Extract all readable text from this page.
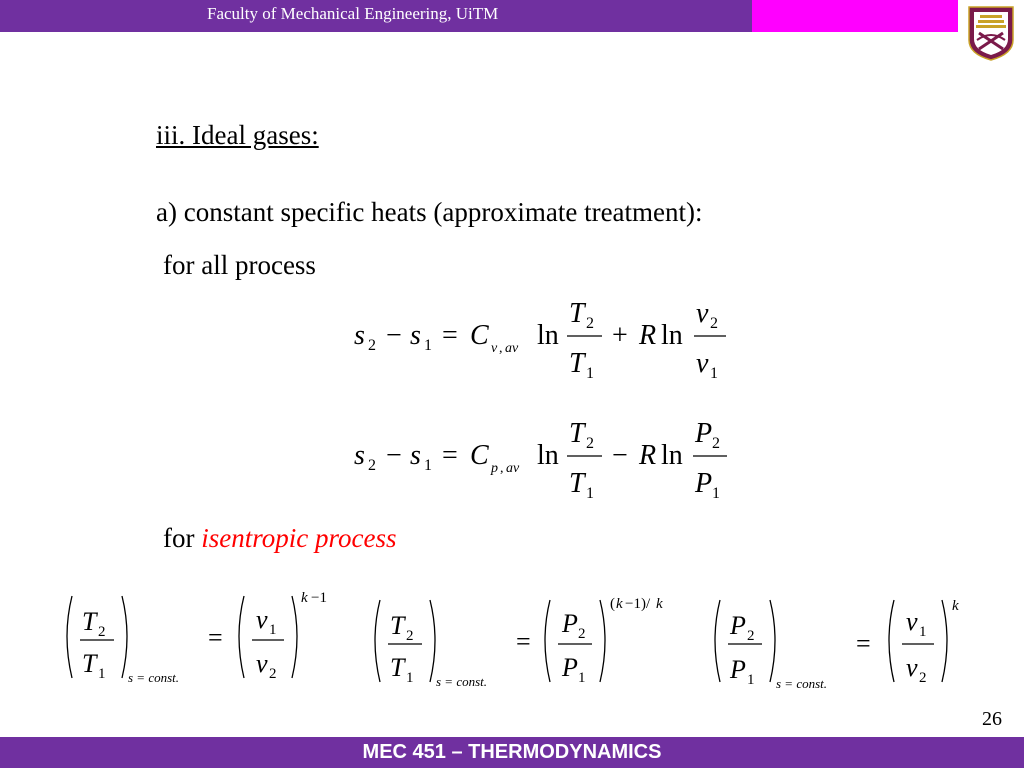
Faculty of Mechanical Engineering, UiTM
iii. Ideal gases:
a) constant specific heats (approximate treatment):
for all process
for isentropic process
s 2 − s 1 = C v , av ln
T 2
T 1
+ R ln
v 2
v 1
s 2 − s 1 = C p , av ln
T 2
T 1
− R ln
P 2
P 1
T 2
T 1 s = const.
=
v 1
v 2
k −1
T 2
T 1 s = const.
=
P 2
P 1
( k −1)/ k
P 2
P 1 s = const.
=
v 1
v 2
k
26
MEC 451 – THERMODYNAMICS
